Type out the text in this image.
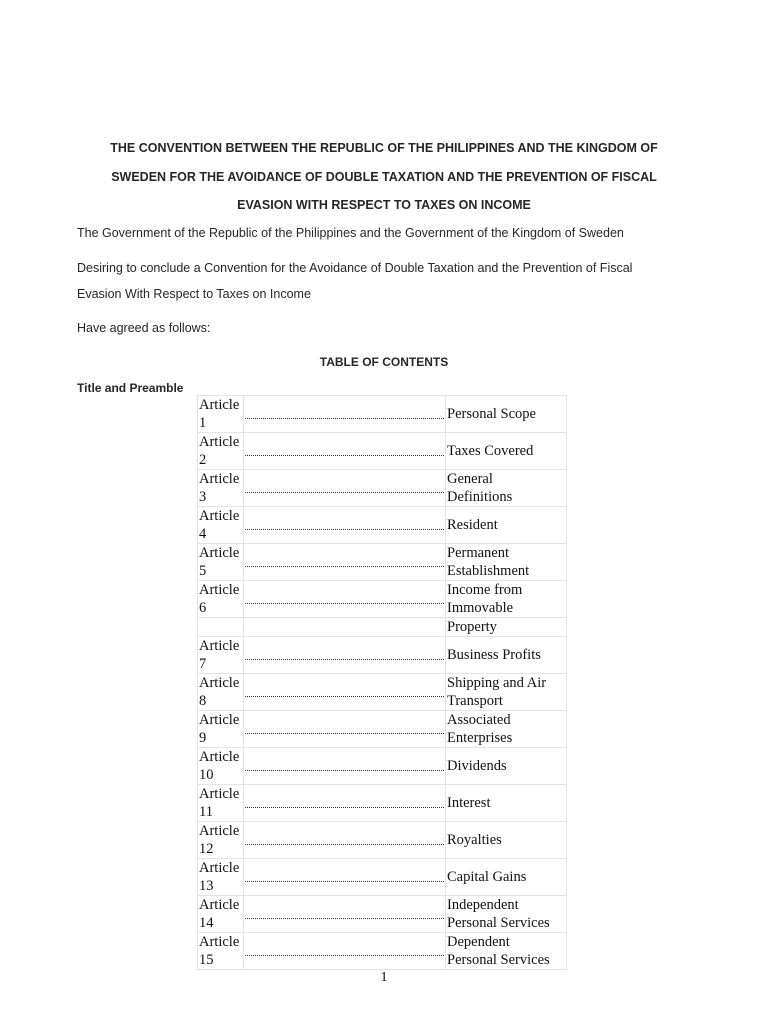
THE CONVENTION BETWEEN THE REPUBLIC OF THE PHILIPPINES AND THE KINGDOM OF
SWEDEN FOR THE AVOIDANCE OF DOUBLE TAXATION AND THE PREVENTION OF FISCAL
EVASION WITH RESPECT TO TAXES ON INCOME

The Government of the Republic of the Philippines and the Government of the Kingdom of Sweden

Desiring to conclude a Convention for the Avoidance of Double Taxation and the Prevention of Fiscal
Evasion With Respect to Taxes on Income

Have agreed as follows:

TABLE OF CONTENTS

Title and Preamble

Article
1		Personal Scope

Article
2		Taxes Covered

Article
3		General
Definitions

Article
4		Resident

Article
5		Permanent
Establishment

Article
6		Income from
Immovable

		Property

Article
7		Business Profits

Article
8		Shipping and Air
Transport

Article
9		Associated
Enterprises

Article
10		Dividends

Article
11		Interest

Article
12		Royalties

Article
13		Capital Gains

Article
14		Independent
Personal Services

Article
15		Dependent
Personal Services

1
